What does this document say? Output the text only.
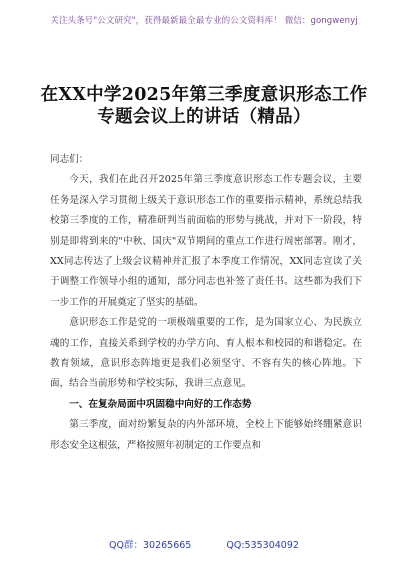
关注头条号"公文研究"，获得最新最全最专业的公文资料库！ 微信：gongwenyj
在XX中学2025年第三季度意识形态工作
专题会议上的讲话（精品）

同志们：

今天，我们在此召开2025年第三季度意识形态工作专题会议，主要任务是深入学习贯彻上级关于意识形态工作的重要指示精神，系统总结我校第三季度的工作，精准研判当前面临的形势与挑战，并对下一阶段，特别是即将到来的"中秋、国庆"双节期间的重点工作进行周密部署。刚才，XX同志传达了上级会议精神并汇报了本季度工作情况，XX同志宣读了关于调整工作领导小组的通知，部分同志也补签了责任书。这些都为我们下一步工作的开展奠定了坚实的基础。

意识形态工作是党的一项极端重要的工作，是为国家立心、为民族立魂的工作，直接关系到学校的办学方向、育人根本和校园的和谐稳定。在教育领域，意识形态阵地更是我们必须坚守、不容有失的核心阵地。下面，结合当前形势和学校实际，我讲三点意见。

一、在复杂局面中巩固稳中向好的工作态势

第三季度，面对纷繁复杂的内外部环境，全校上下能够始终绷紧意识形态安全这根弦，严格按照年初制定的工作要点和

QQ群：30265665	QQ:535304092
